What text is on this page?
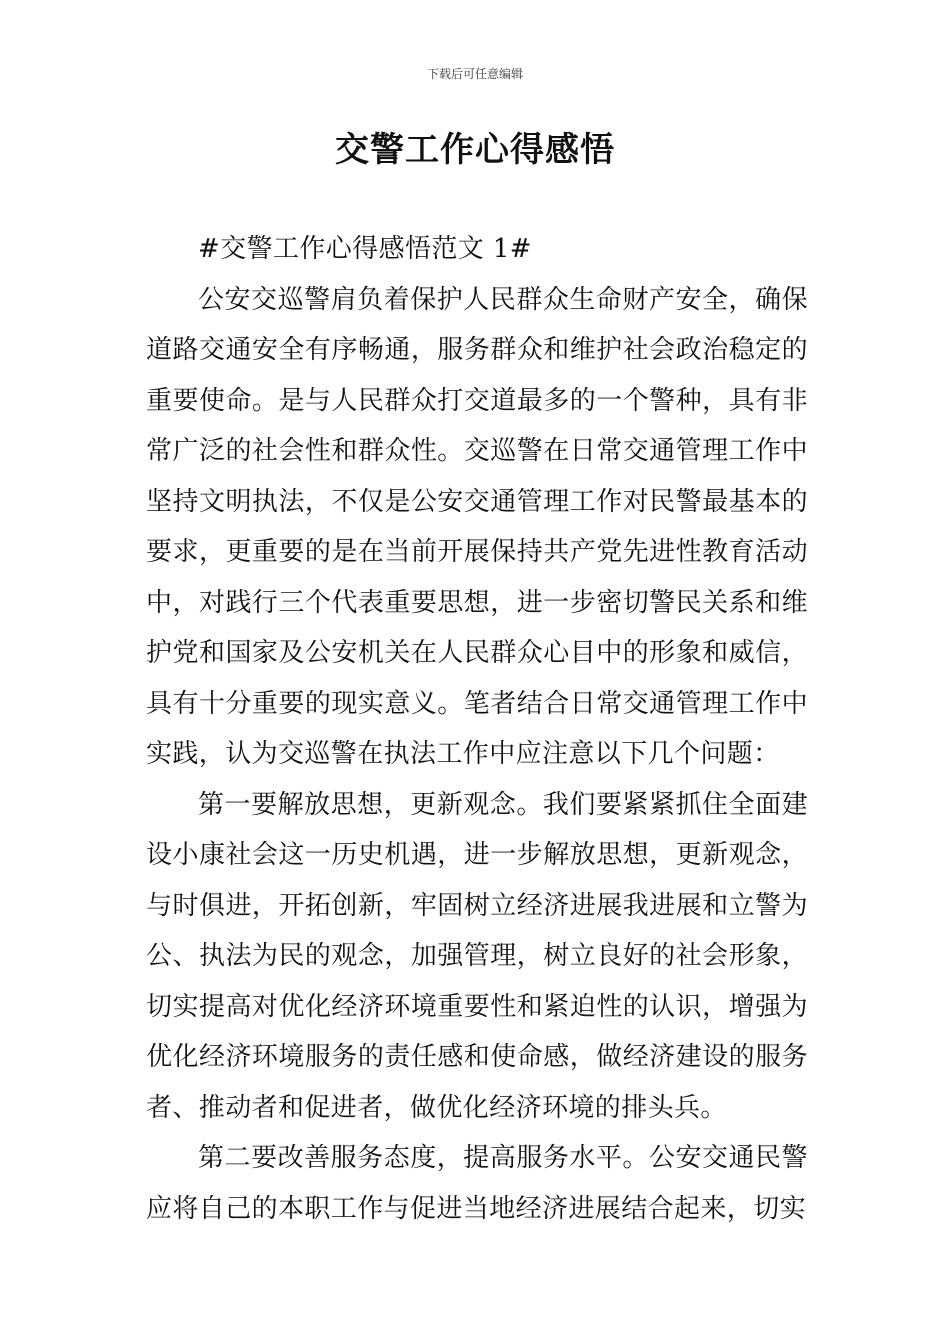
下载后可任意编辑
交警工作心得感悟

#交警工作心得感悟范文 1#

公安交巡警肩负着保护人民群众生命财产安全，确保道路交通安全有序畅通，服务群众和维护社会政治稳定的重要使命。是与人民群众打交道最多的一个警种，具有非常广泛的社会性和群众性。交巡警在日常交通管理工作中坚持文明执法，不仅是公安交通管理工作对民警最基本的要求，更重要的是在当前开展保持共产党先进性教育活动中，对践行三个代表重要思想，进一步密切警民关系和维护党和国家及公安机关在人民群众心目中的形象和威信，具有十分重要的现实意义。笔者结合日常交通管理工作中实践，认为交巡警在执法工作中应注意以下几个问题：

第一要解放思想，更新观念。我们要紧紧抓住全面建设小康社会这一历史机遇，进一步解放思想，更新观念，与时俱进，开拓创新，牢固树立经济进展我进展和立警为公、执法为民的观念，加强管理，树立良好的社会形象，切实提高对优化经济环境重要性和紧迫性的认识，增强为优化经济环境服务的责任感和使命感，做经济建设的服务者、推动者和促进者，做优化经济环境的排头兵。

第二要改善服务态度，提高服务水平。公安交通民警应将自己的本职工作与促进当地经济进展结合起来，切实
